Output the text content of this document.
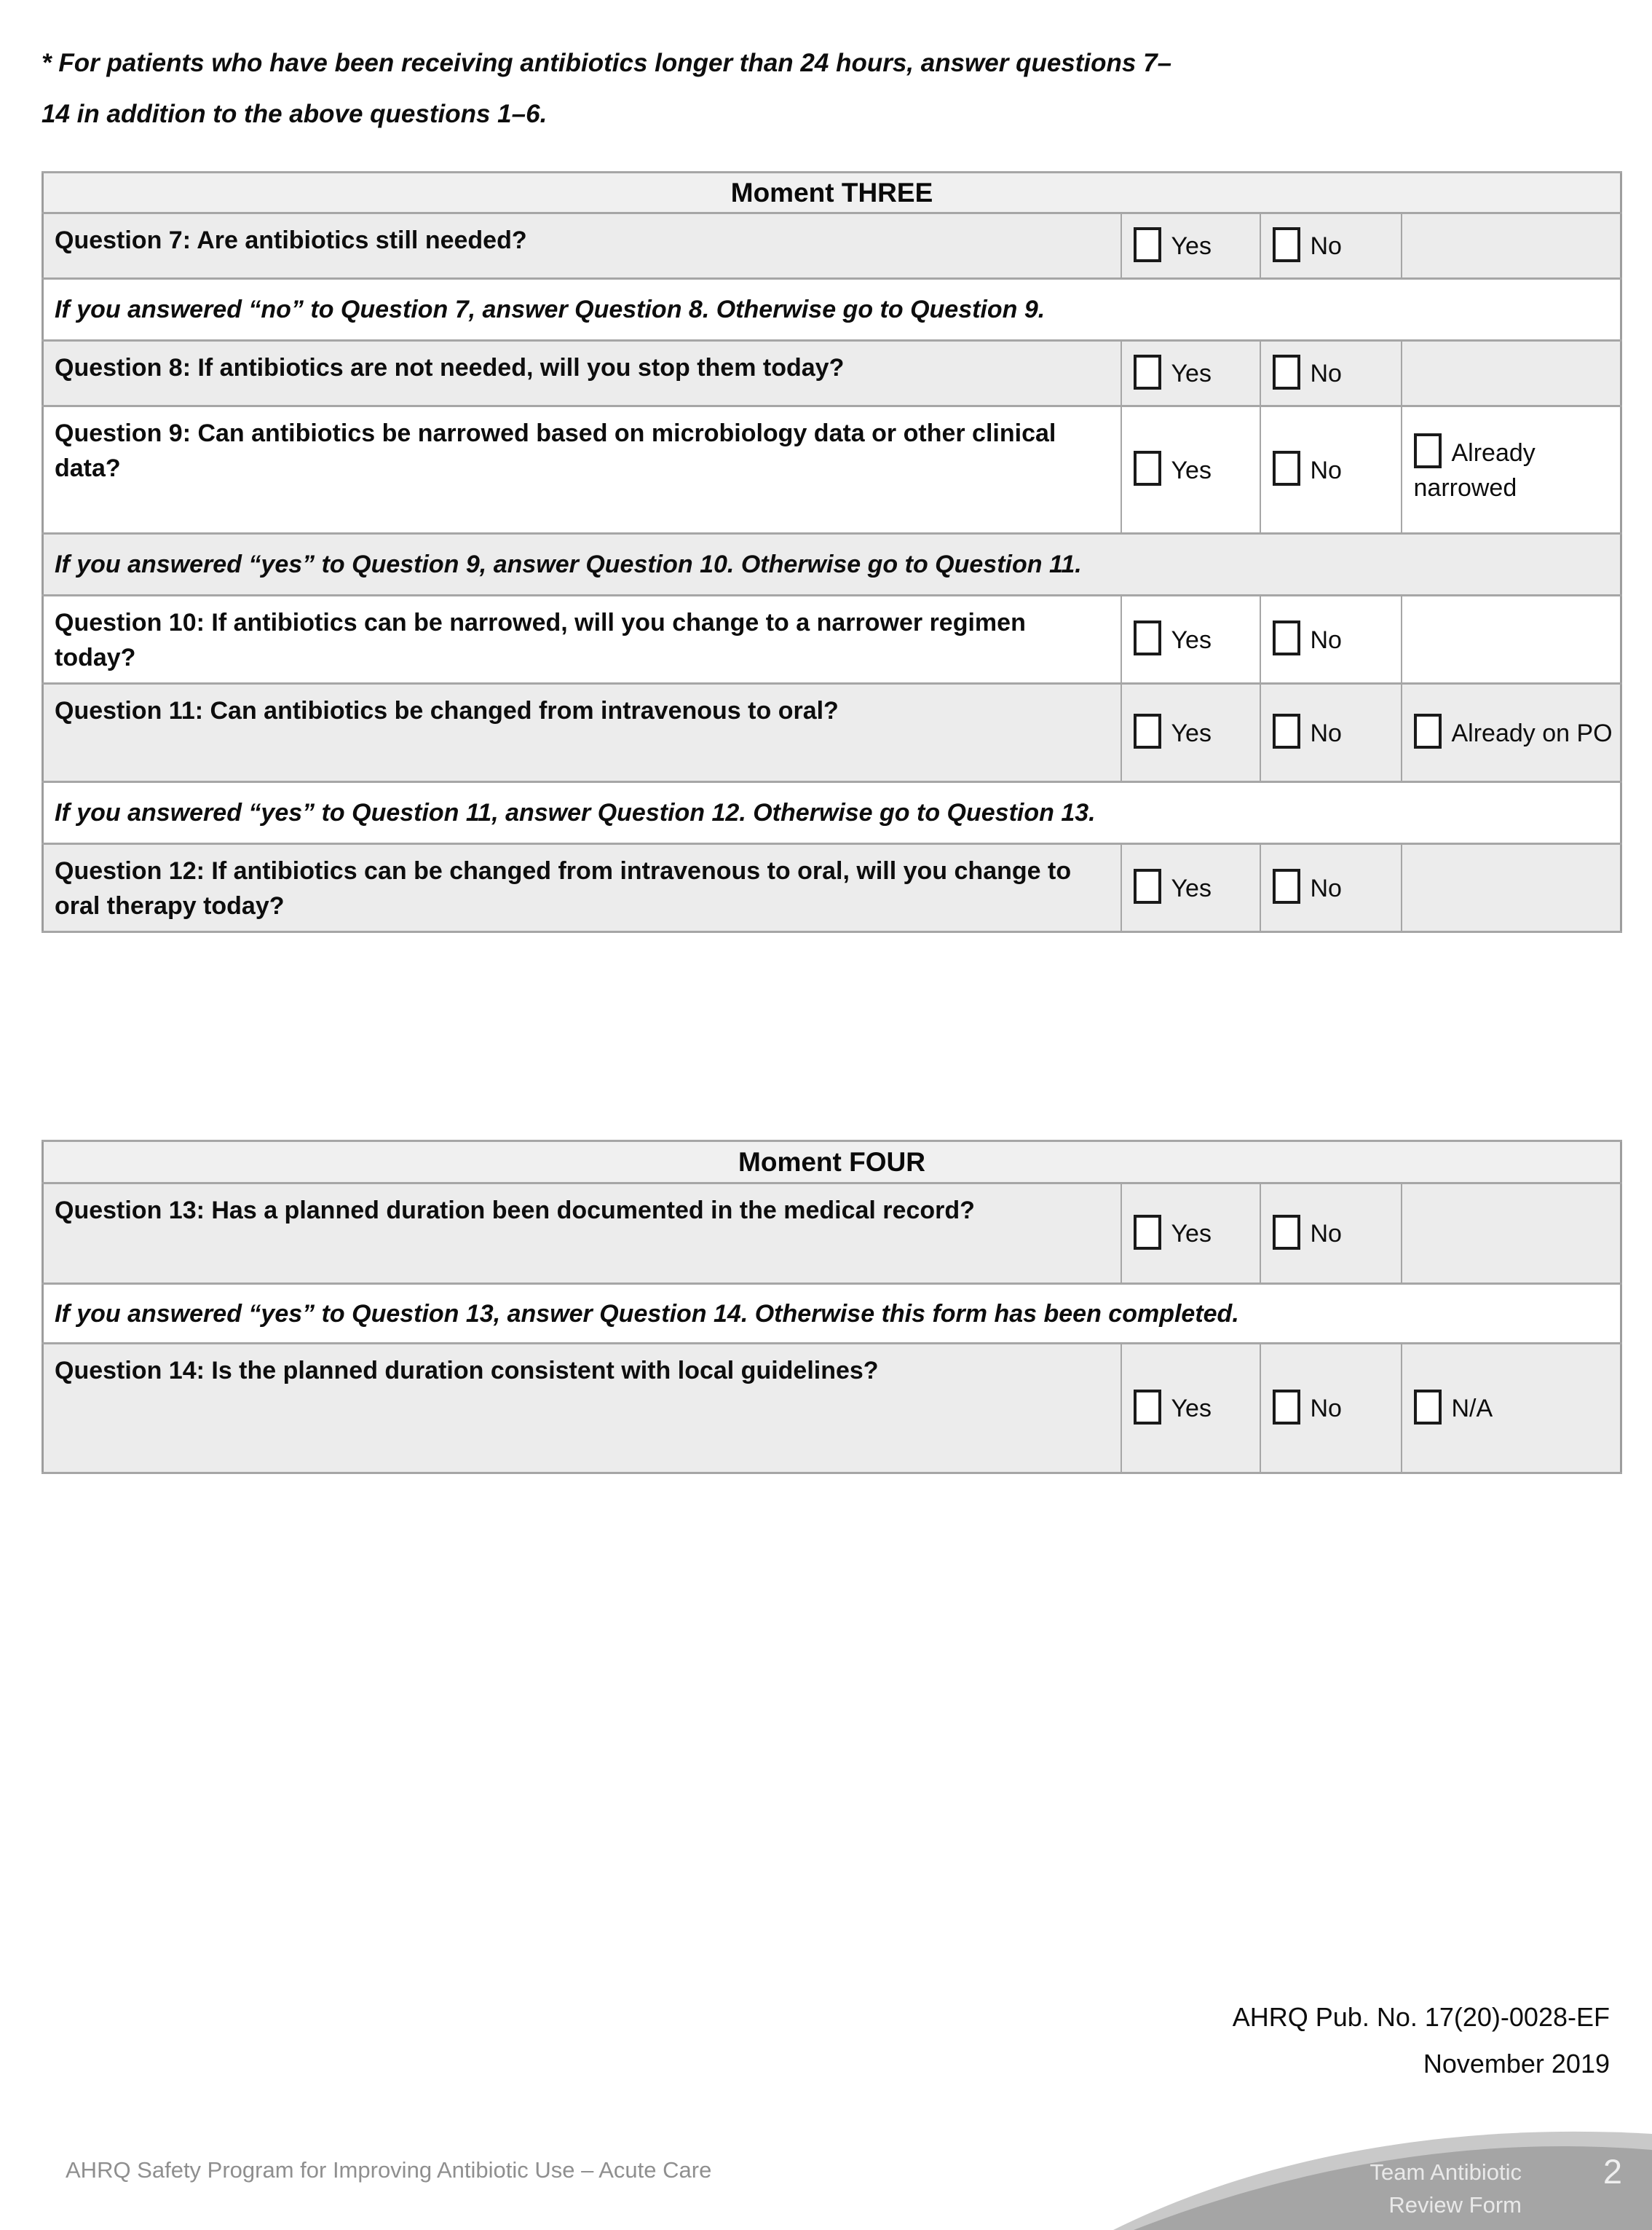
* For patients who have been receiving antibiotics longer than 24 hours, answer questions 7–14 in addition to the above questions 1–6.
Moment THREE			
Question 7: Are antibiotics still needed?	Yes	No	
If you answered “no” to Question 7, answer Question 8. Otherwise go to Question 9.			
Question 8: If antibiotics are not needed, will you stop them today?	Yes	No	
Question 9: Can antibiotics be narrowed based on microbiology data or other clinical data?	Yes	No	Already narrowed
If you answered “yes” to Question 9, answer Question 10. Otherwise go to Question 11.			
Question 10: If antibiotics can be narrowed, will you change to a narrower regimen today?	Yes	No	
Question 11: Can antibiotics be changed from intravenous to oral?	Yes	No	Already on PO
If you answered “yes” to Question 11, answer Question 12. Otherwise go to Question 13.			
Question 12: If antibiotics can be changed from intravenous to oral, will you change to oral therapy today?	Yes	No	
Moment FOUR			
Question 13: Has a planned duration been documented in the medical record?	Yes	No	
If you answered “yes” to Question 13, answer Question 14. Otherwise this form has been completed.			
Question 14: Is the planned duration consistent with local guidelines?	Yes	No	N/A
AHRQ Pub. No. 17(20)-0028-EF
November 2019
AHRQ Safety Program for Improving Antibiotic Use – Acute Care	Team Antibiotic
Review Form
2
